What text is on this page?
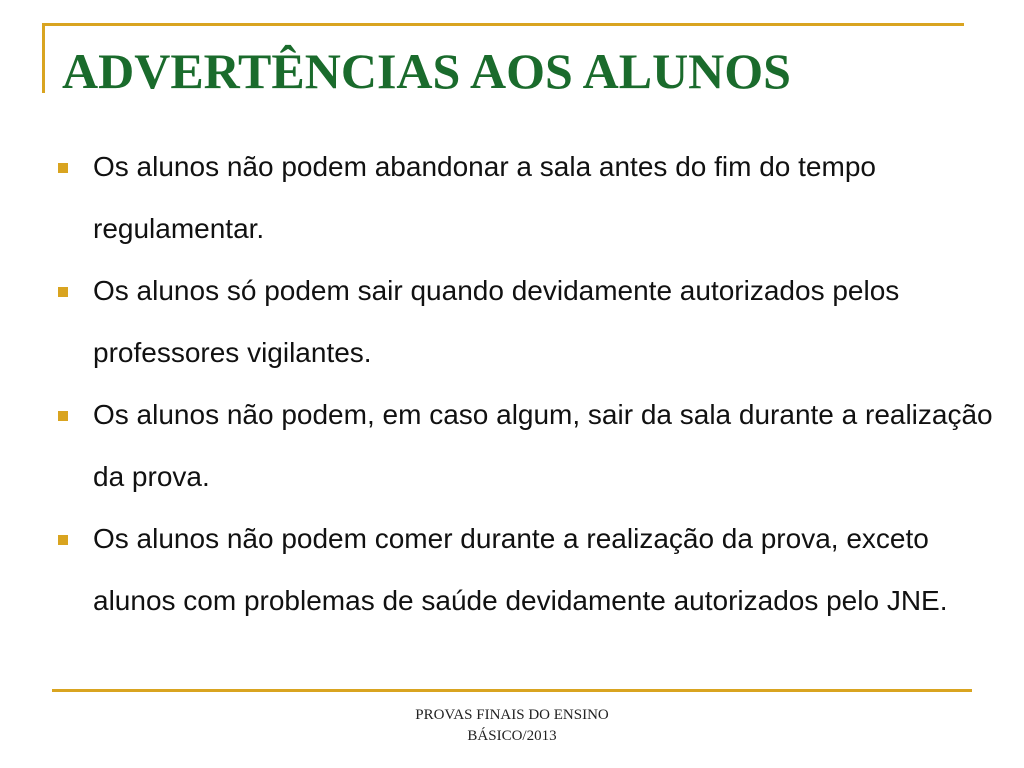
ADVERTÊNCIAS AOS ALUNOS
Os alunos não podem abandonar a sala antes do fim do tempo regulamentar.
Os alunos só podem sair quando devidamente autorizados pelos professores vigilantes.
Os alunos não podem, em caso algum, sair da sala durante a realização da prova.
Os alunos não podem comer durante a realização da prova, exceto alunos com problemas de saúde devidamente autorizados pelo JNE.
PROVAS FINAIS DO ENSINO
BÁSICO/2013
